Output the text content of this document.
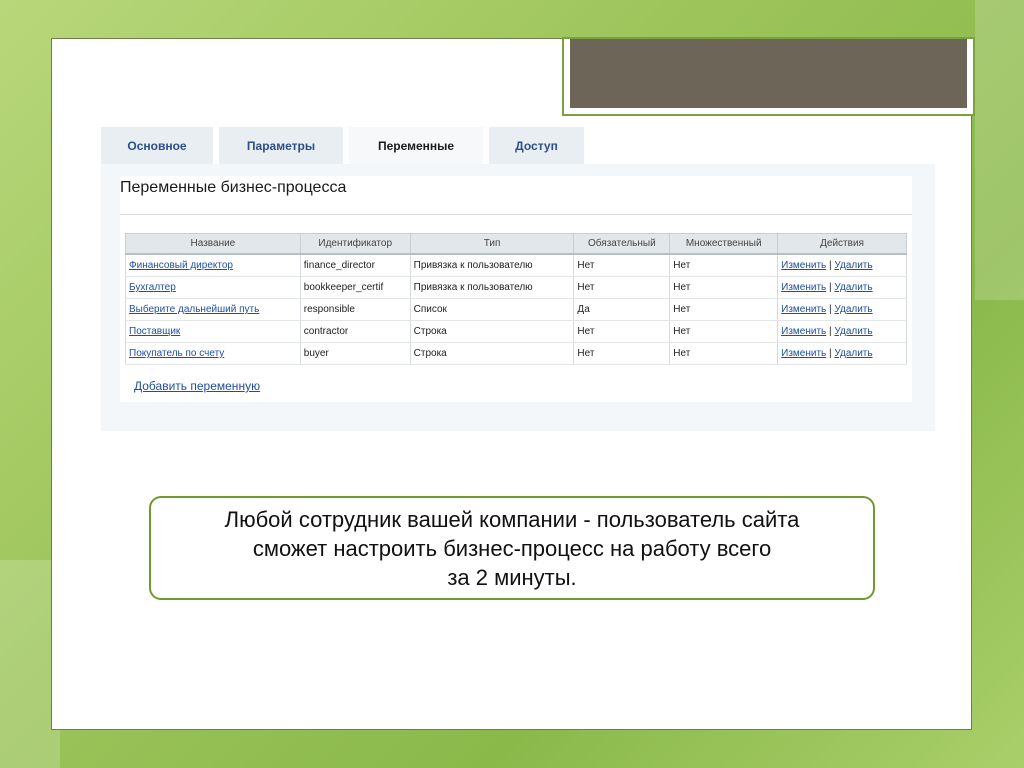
Основное	Параметры	Переменные	Доступ
Переменные бизнес-процесса
Название	Идентификатор	Тип	Обязательный	Множественный	Действия
Финансовый директор	finance_director	Привязка к пользователю	Нет	Нет	Изменить | Удалить
Бухгалтер	bookkeeper_certif	Привязка к пользователю	Нет	Нет	Изменить | Удалить
Выберите дальнейший путь	responsible	Список	Да	Нет	Изменить | Удалить
Поставщик	contractor	Строка	Нет	Нет	Изменить | Удалить
Покупатель по счету	buyer	Строка	Нет	Нет	Изменить | Удалить
Добавить переменную
Любой сотрудник вашей компании - пользователь сайта
сможет настроить бизнес-процесс на работу всего
за 2 минуты.
